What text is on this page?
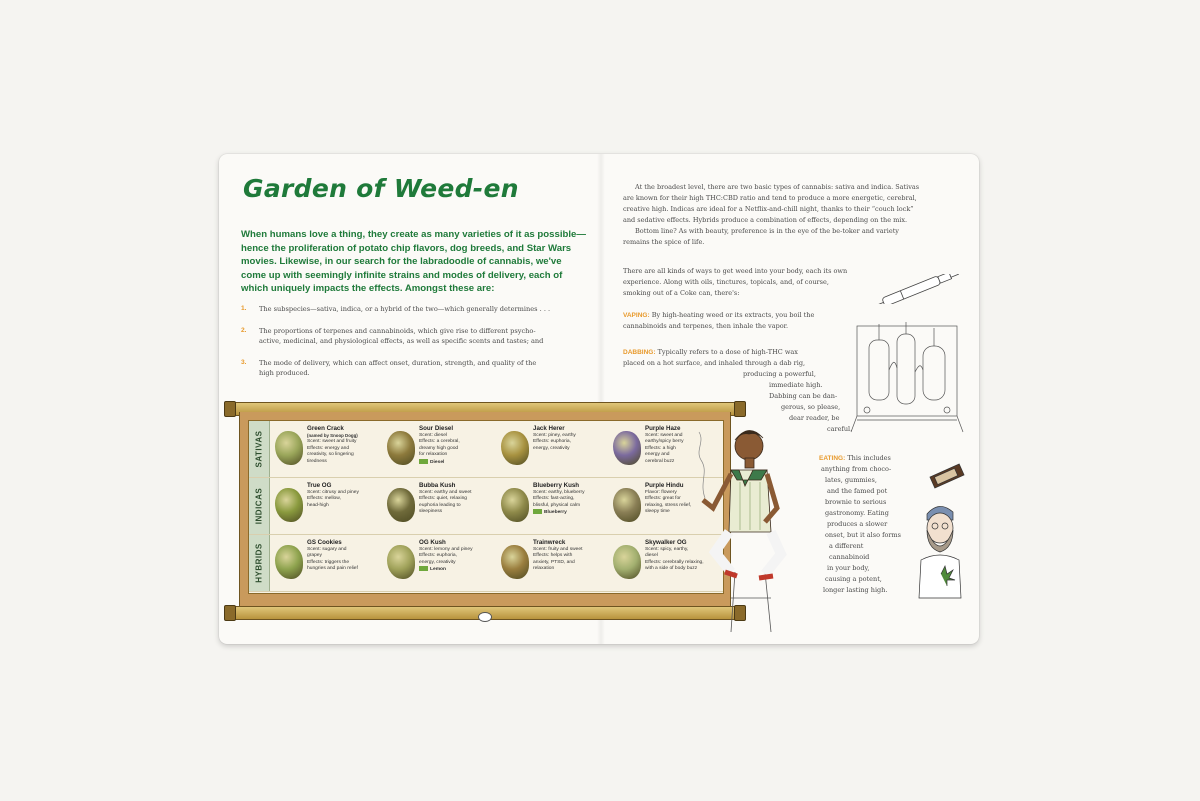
Garden of Weed-en
When humans love a thing, they create as many varieties of it as possible—
hence the proliferation of potato chip flavors, dog breeds, and Star Wars
movies. Likewise, in our search for the labradoodle of cannabis, we've
come up with seemingly infinite strains and modes of delivery, each of
which uniquely impacts the effects. Amongst these are:
1. The subspecies—sativa, indica, or a hybrid of the two—which generally determines . . .
2. The proportions of terpenes and cannabinoids, which give rise to different psycho-
active, medicinal, and physiological effects, as well as specific scents and tastes; and
3. The mode of delivery, which can affect onset, duration, strength, and quality of the
high produced.
SATIVAS
Green Crack
(named by Snoop Dogg)
Scent: sweet and fruity
Effects: energy and
creativity, so lingering
tiredness
Sour Diesel
Scent: diesel
Effects: a cerebral,
dreamy high good
for relaxation
Diesel
Jack Herer
Scent: piney, earthy
Effects: euphoria,
energy, creativity
Purple Haze
Scent: sweet and
earthy/spicy berry
Effects: a high
energy and
cerebral buzz
INDICAS
True OG
Scent: citrusy and piney
Effects: mellow,
head-high
Bubba Kush
Scent: earthy and sweet
Effects: quiet, relaxing
euphoria leading to
sleepiness
Blueberry Kush
Scent: earthy, blueberry
Effects: fast-acting,
blissful, physical calm
Blueberry
Purple Hindu
Flavor: flowery
Effects: great for
relaxing, stress relief,
sleepy time
HYBRIDS
GS Cookies
Scent: sugary and
grapey
Effects: triggers the
hungries and pain relief
OG Kush
Scent: lemony and piney
Effects: euphoria,
energy, creativity
Lemon
Trainwreck
Scent: fruity and sweet
Effects: helps with
anxiety, PTSD, and
relaxation
Skywalker OG
Scent: spicy, earthy,
diesel
Effects: cerebrally relaxing,
with a side of body buzz
At the broadest level, there are two basic types of cannabis: sativa and indica. Sativas
are known for their high THC:CBD ratio and tend to produce a more energetic, cerebral,
creative high. Indicas are ideal for a Netflix-and-chill night, thanks to their “couch lock”
and sedative effects. Hybrids produce a combination of effects, depending on the mix.
Bottom line? As with beauty, preference is in the eye of the be-toker and variety
remains the spice of life.
There are all kinds of ways to get weed into your body, each its own
experience. Along with oils, tinctures, topicals, and, of course,
smoking out of a Coke can, there's:
VAPING: By high-heating weed or its extracts, you boil the
cannabinoids and terpenes, then inhale the vapor.
DABBING: Typically refers to a dose of high-THC wax
placed on a hot surface, and inhaled through a dab rig,
producing a powerful,
immediate high.
Dabbing can be dan-
gerous, so please,
dear reader, be
careful.
EATING: This includes
anything from choco-
lates, gummies,
and the famed pot
brownie to serious
gastronomy. Eating
produces a slower
onset, but it also forms
a different
cannabinoid
in your body,
causing a potent,
longer lasting high.
